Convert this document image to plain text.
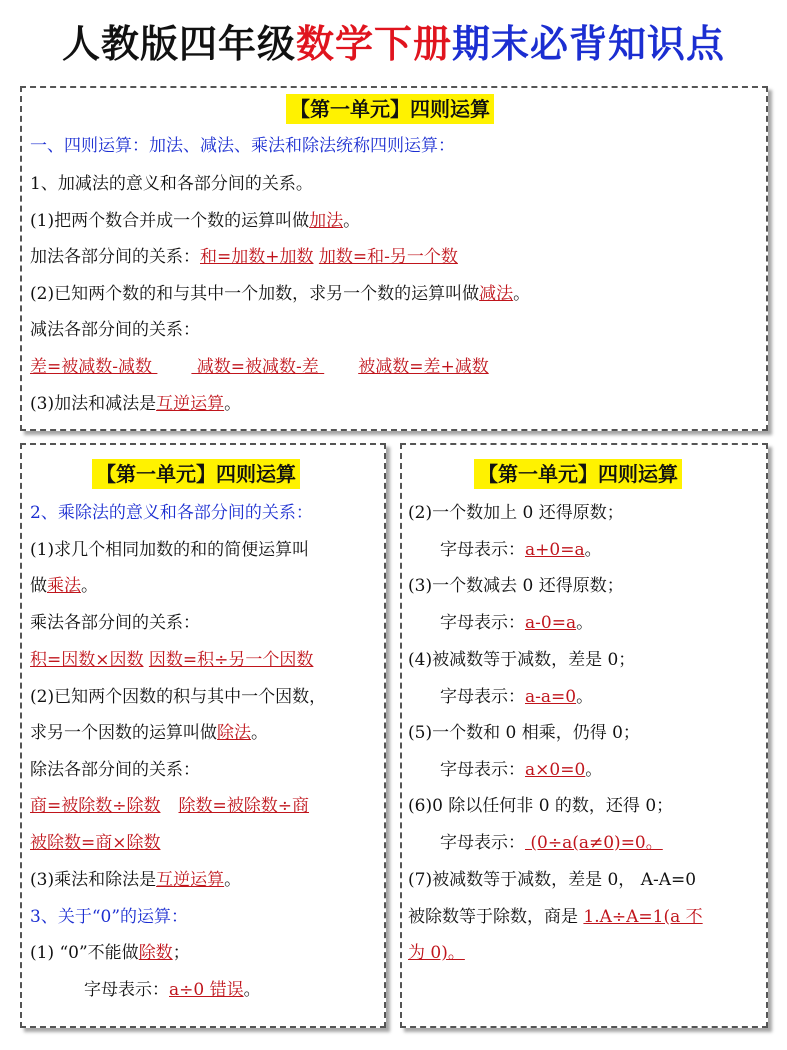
人教版四年级数学下册期末必背知识点
【第一单元】四则运算
一、四则运算：加法、减法、乘法和除法统称四则运算：
1、加减法的意义和各部分间的关系。
(1)把两个数合并成一个数的运算叫做加法。
加法各部分间的关系：和=加数+加数 加数=和-另一个数
(2)已知两个数的和与其中一个加数，求另一个数的运算叫做减法。
减法各部分间的关系：
差=被减数-减数  减数=被减数-差 被减数=差+减数
(3)加法和减法是互逆运算。
【第一单元】四则运算
2、乘除法的意义和各部分间的关系：
(1)求几个相同加数的和的简便运算叫
做乘法。
乘法各部分间的关系：
积=因数×因数 因数=积÷另一个因数
(2)已知两个因数的积与其中一个因数，
求另一个因数的运算叫做除法。
除法各部分间的关系：
商=被除数÷除数 除数=被除数÷商
被除数=商×除数
(3)乘法和除法是互逆运算。
3、关于“0”的运算：
(1) “0”不能做除数；
字母表示：a÷0 错误。
【第一单元】四则运算
(2)一个数加上 0 还得原数；
字母表示：a+0=a。
(3)一个数减去 0 还得原数；
字母表示：a-0=a。
(4)被减数等于减数，差是 0；
字母表示：a-a=0。
(5)一个数和 0 相乘，仍得 0；
字母表示：a×0=0。
(6)0 除以任何非 0 的数，还得 0；
字母表示： (0÷a(a≠0)=0。
(7)被减数等于减数，差是 0， A-A=0
被除数等于除数，商是 1.A÷A=1(a 不
为 0)。
